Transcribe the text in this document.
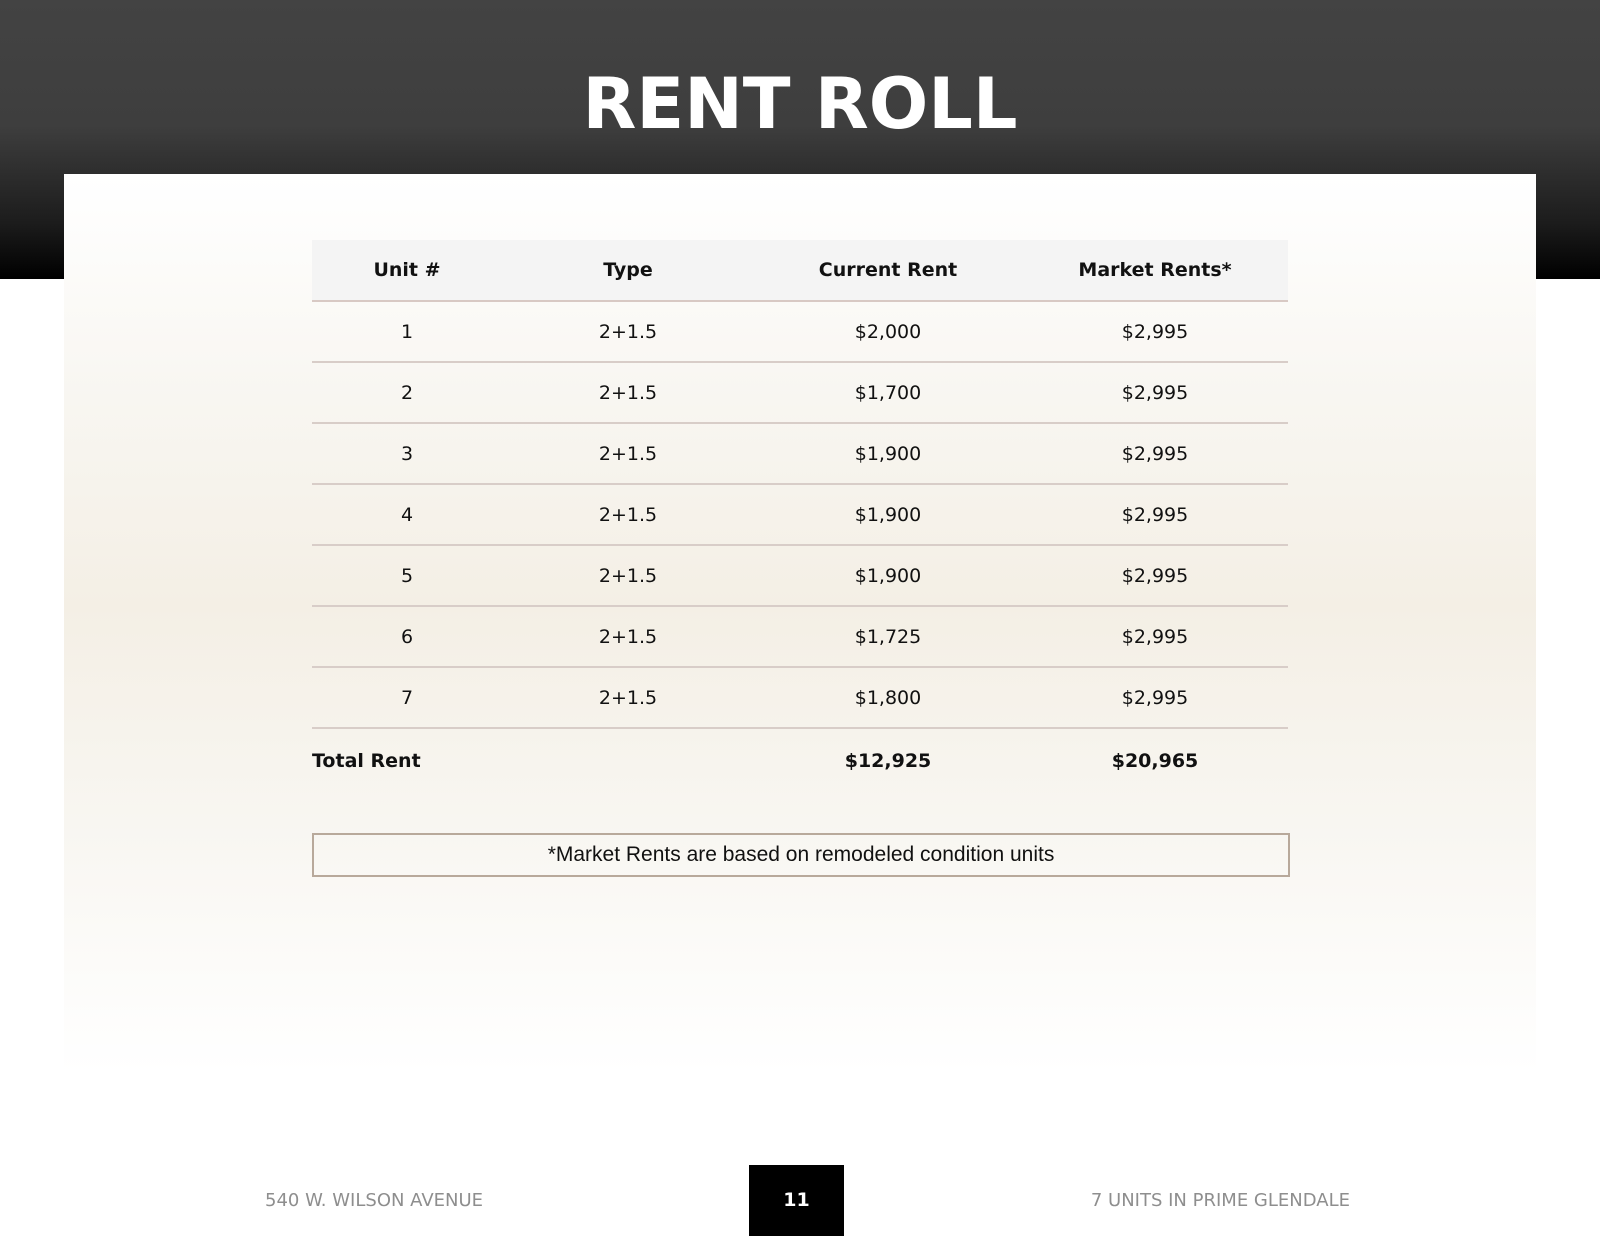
RENT ROLL
Unit #	Type	Current Rent	Market Rents*
1	2+1.5	$2,000	$2,995
2	2+1.5	$1,700	$2,995
3	2+1.5	$1,900	$2,995
4	2+1.5	$1,900	$2,995
5	2+1.5	$1,900	$2,995
6	2+1.5	$1,725	$2,995
7	2+1.5	$1,800	$2,995
Total Rent		$12,925	$20,965
*Market Rents are based on remodeled condition units
540 W. WILSON AVENUE	11	7 UNITS IN PRIME GLENDALE
